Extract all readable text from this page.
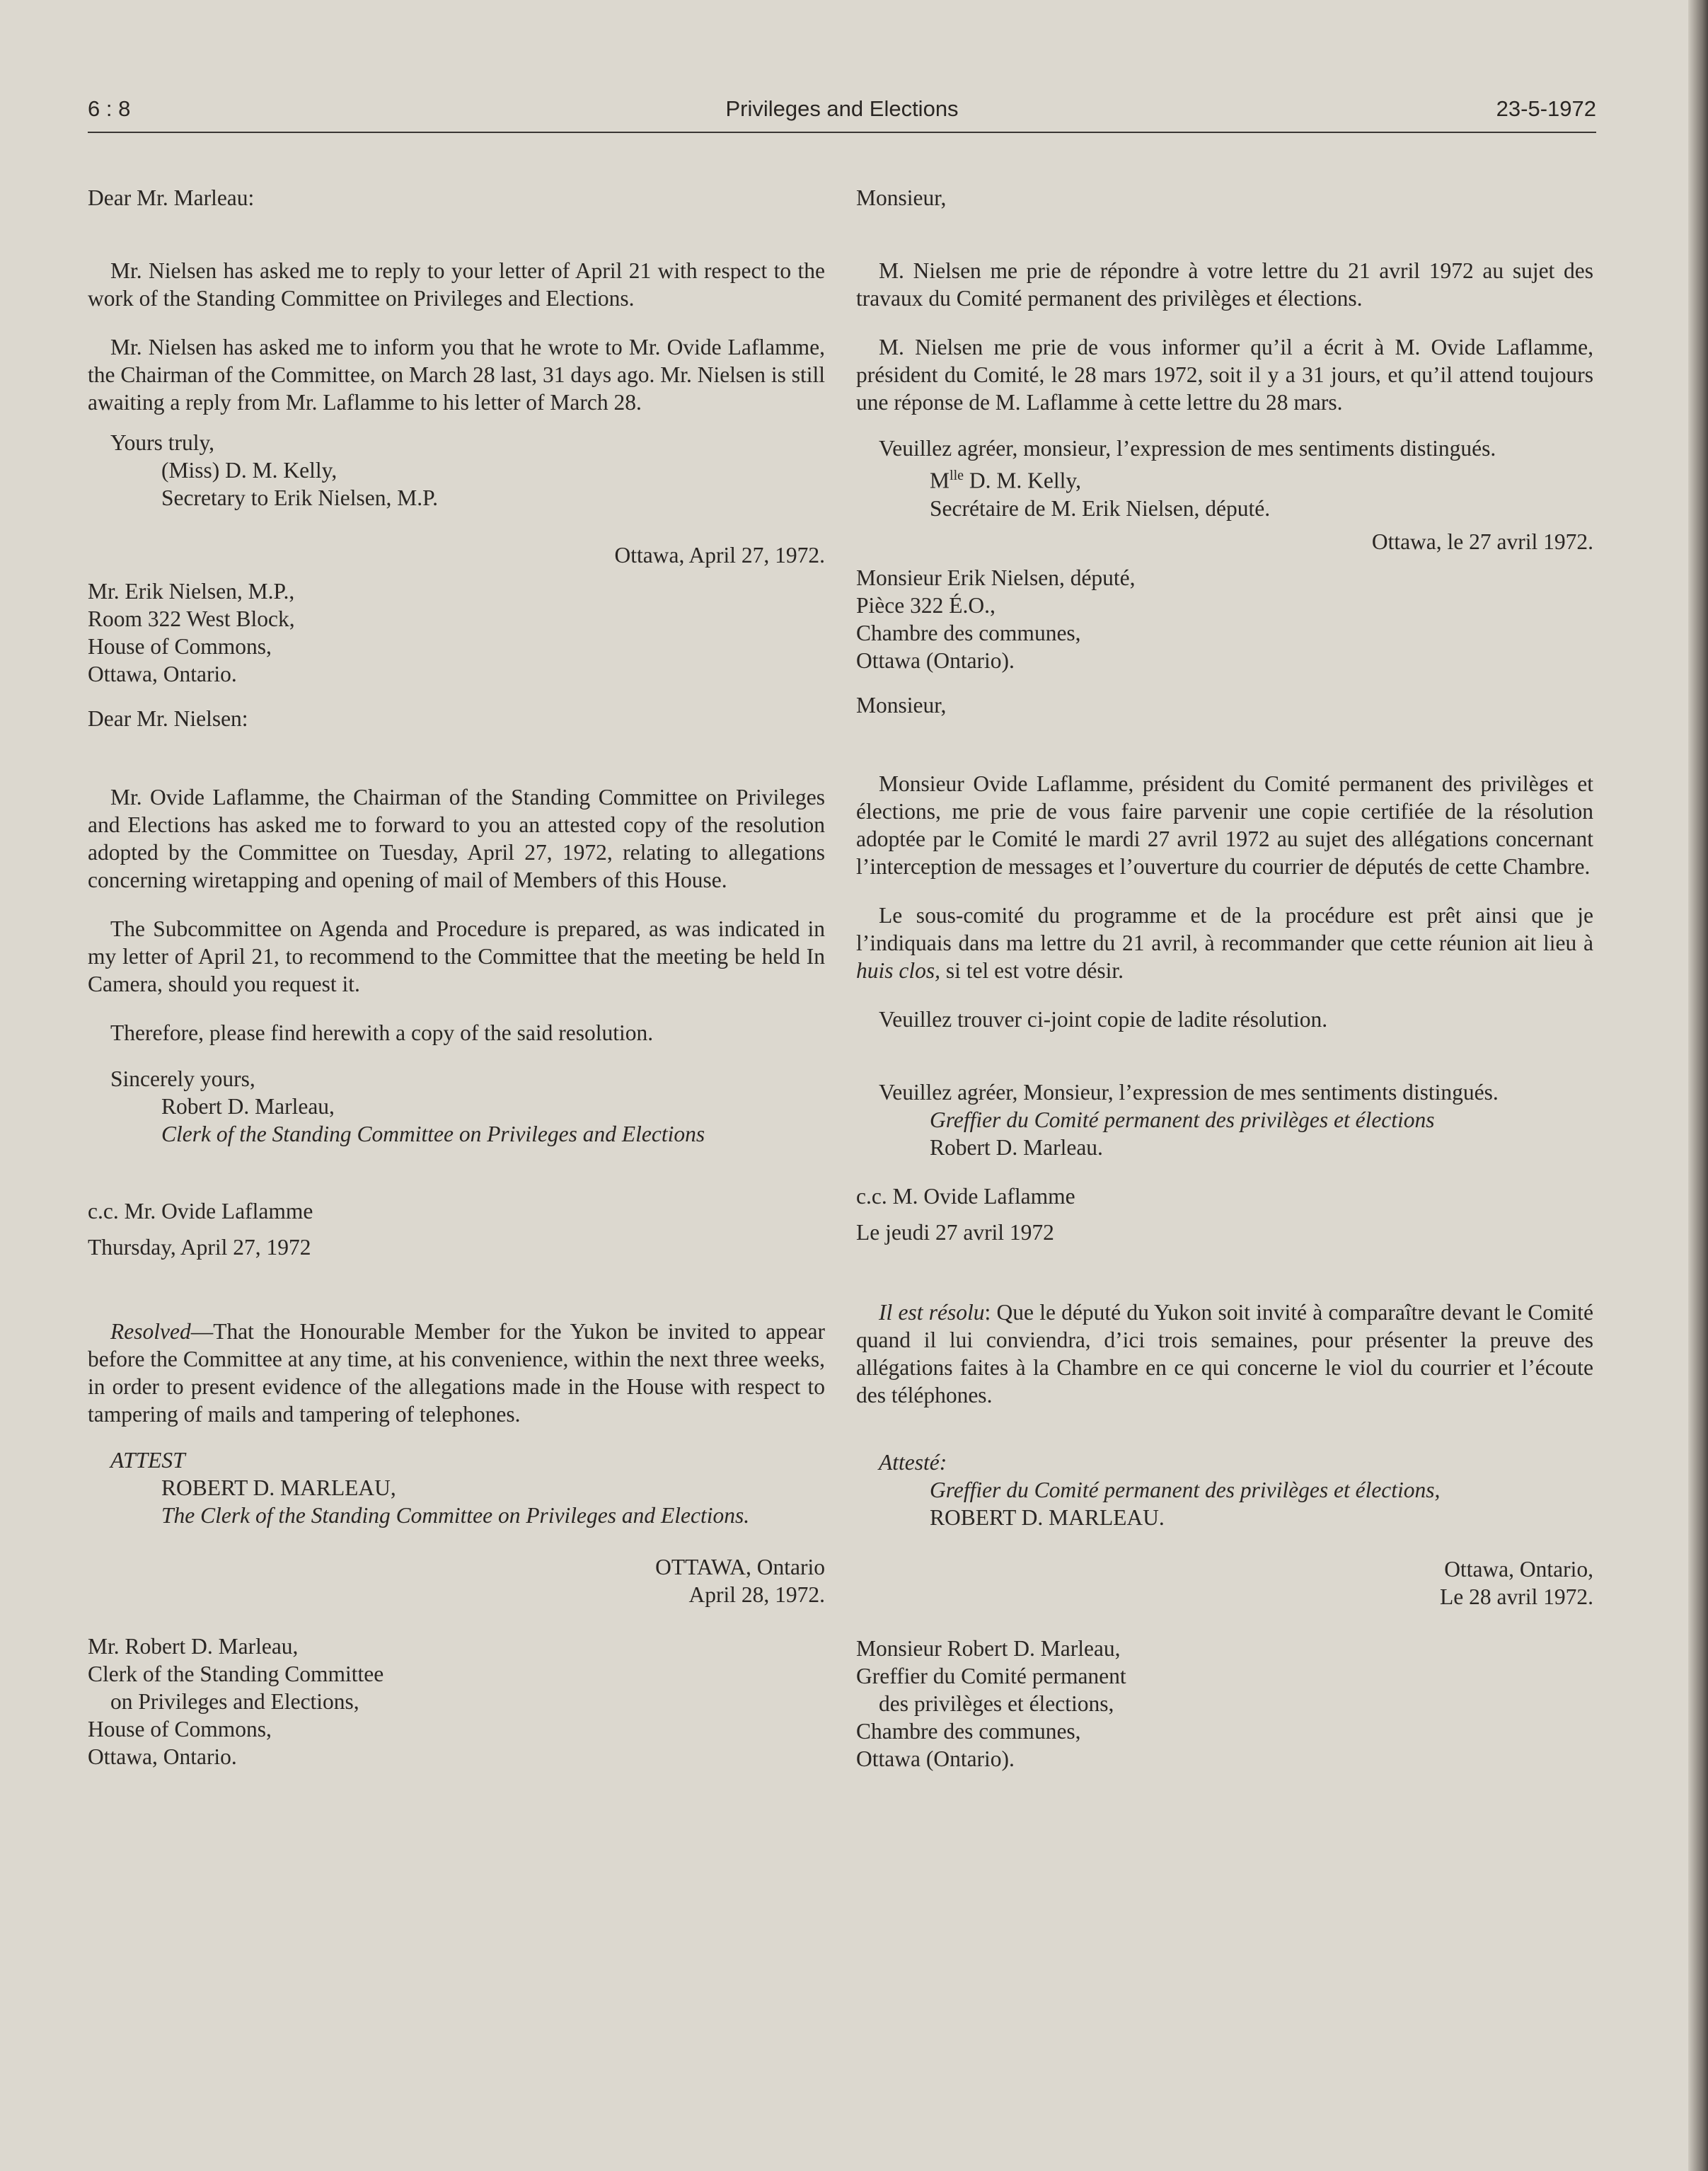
6 : 8	Privileges and Elections	23-5-1972

Dear Mr. Marleau:

Mr. Nielsen has asked me to reply to your letter of April 21 with respect to the work of the Standing Committee on Privileges and Elections.

Mr. Nielsen has asked me to inform you that he wrote to Mr. Ovide Laflamme, the Chairman of the Committee, on March 28 last, 31 days ago. Mr. Nielsen is still awaiting a reply from Mr. Laflamme to his letter of March 28.

Yours truly,

(Miss) D. M. Kelly,

Secretary to Erik Nielsen, M.P.

Ottawa, April 27, 1972.

Mr. Erik Nielsen, M.P.,

Room 322 West Block,

House of Commons,

Ottawa, Ontario.

Dear Mr. Nielsen:

Mr. Ovide Laflamme, the Chairman of the Standing Committee on Privileges and Elections has asked me to forward to you an attested copy of the resolution adopted by the Committee on Tuesday, April 27, 1972, relating to allegations concerning wiretapping and opening of mail of Members of this House.

The Subcommittee on Agenda and Procedure is prepared, as was indicated in my letter of April 21, to recommend to the Committee that the meeting be held In Camera, should you request it.

Therefore, please find herewith a copy of the said resolution.

Sincerely yours,

Robert D. Marleau,

Clerk of the Standing Committee on Privileges and Elections

c.c. Mr. Ovide Laflamme

Thursday, April 27, 1972

Resolved—That the Honourable Member for the Yukon be invited to appear before the Committee at any time, at his convenience, within the next three weeks, in order to present evidence of the allegations made in the House with respect to tampering of mails and tampering of telephones.

ATTEST

ROBERT D. MARLEAU,

The Clerk of the Standing Committee on Privileges and Elections.

OTTAWA, Ontario

April 28, 1972.

Mr. Robert D. Marleau,

Clerk of the Standing Committee

on Privileges and Elections,

House of Commons,

Ottawa, Ontario.

Monsieur,

M. Nielsen me prie de répondre à votre lettre du 21 avril 1972 au sujet des travaux du Comité permanent des privilèges et élections.

M. Nielsen me prie de vous informer qu’il a écrit à M. Ovide Laflamme, président du Comité, le 28 mars 1972, soit il y a 31 jours, et qu’il attend toujours une réponse de M. Laflamme à cette lettre du 28 mars.

Veuillez agréer, monsieur, l’expression de mes sentiments distingués.

$M^{lle}$ D. M. Kelly,

Secrétaire de M. Erik Nielsen, député.

Ottawa, le 27 avril 1972.

Monsieur Erik Nielsen, député,

Pièce 322 É.O.,

Chambre des communes,

Ottawa (Ontario).

Monsieur,

Monsieur Ovide Laflamme, président du Comité permanent des privilèges et élections, me prie de vous faire parvenir une copie certifiée de la résolution adoptée par le Comité le mardi 27 avril 1972 au sujet des allégations concernant l’interception de messages et l’ouverture du courrier de députés de cette Chambre.

Le sous-comité du programme et de la procédure est prêt ainsi que je l’indiquais dans ma lettre du 21 avril, à recommander que cette réunion ait lieu à huis clos, si tel est votre désir.

Veuillez trouver ci-joint copie de ladite résolution.

Veuillez agréer, Monsieur, l’expression de mes sentiments distingués.

Greffier du Comité permanent des privilèges et élections

Robert D. Marleau.

c.c. M. Ovide Laflamme

Le jeudi 27 avril 1972

Il est résolu: Que le député du Yukon soit invité à comparaître devant le Comité quand il lui conviendra, d’ici trois semaines, pour présenter la preuve des allégations faites à la Chambre en ce qui concerne le viol du courrier et l’écoute des téléphones.

Attesté:

Greffier du Comité permanent des privilèges et élections,

ROBERT D. MARLEAU.

Ottawa, Ontario,

Le 28 avril 1972.

Monsieur Robert D. Marleau,

Greffier du Comité permanent

des privilèges et élections,

Chambre des communes,

Ottawa (Ontario).
